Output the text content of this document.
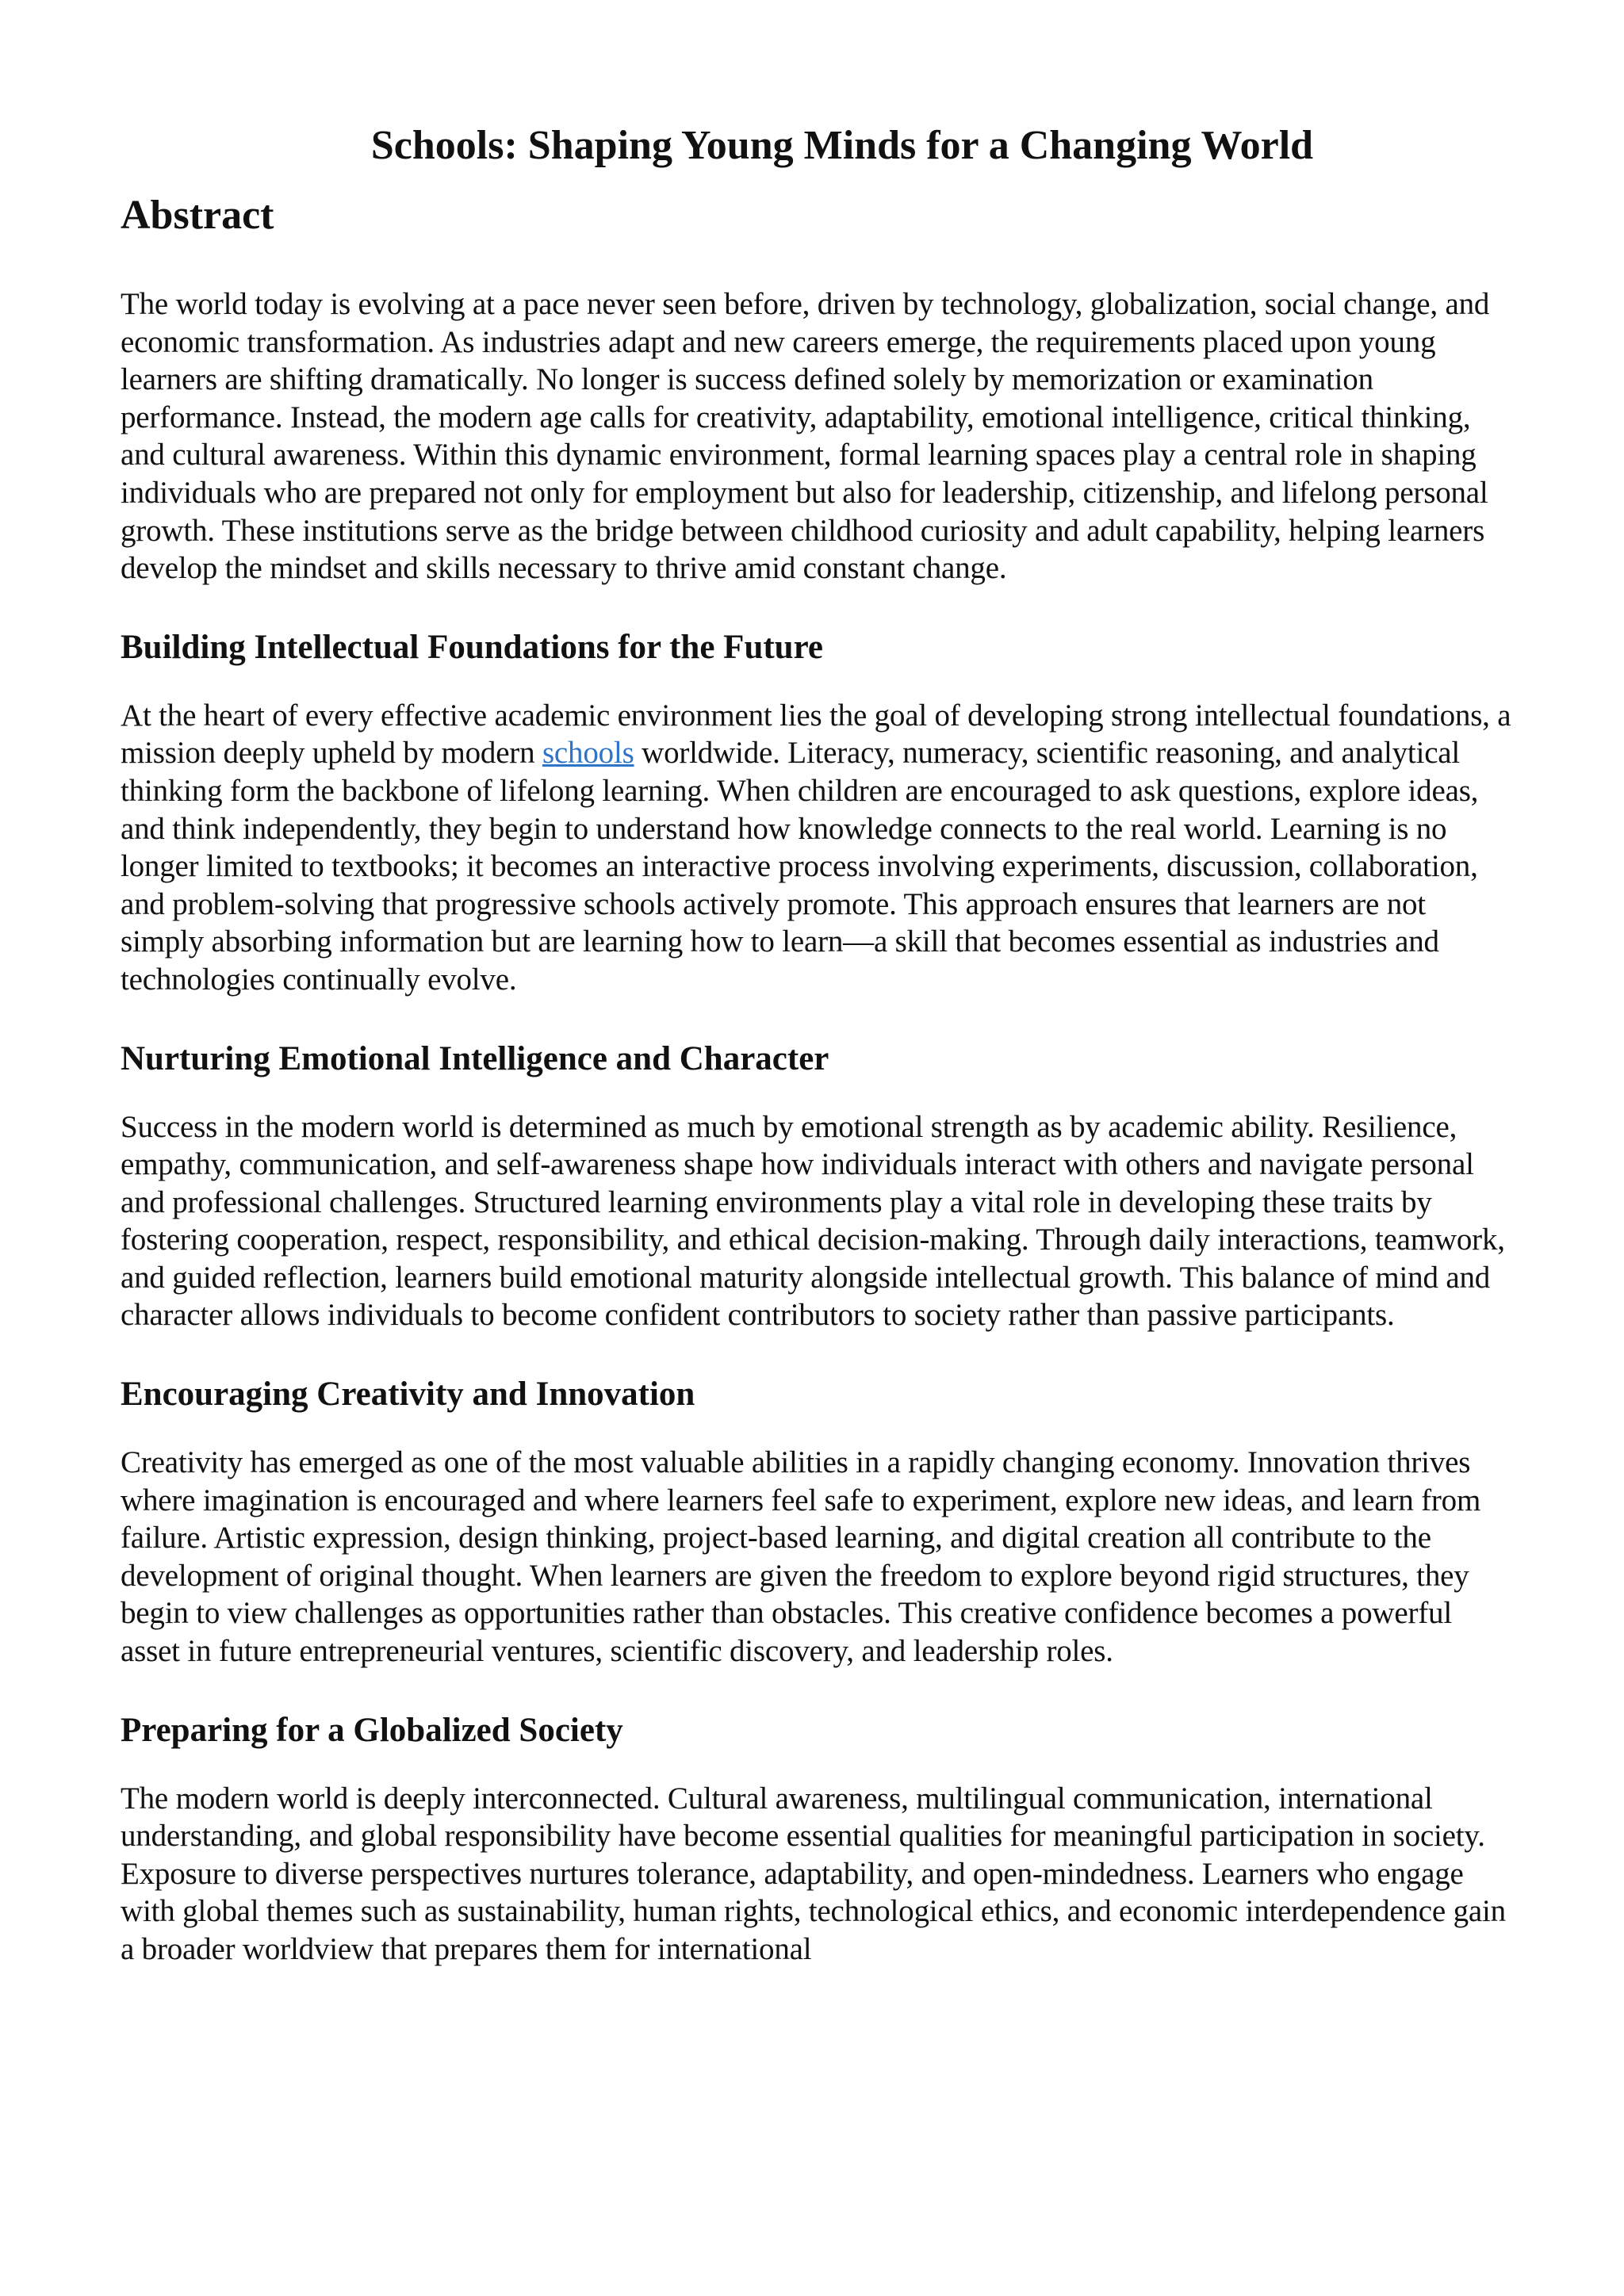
Schools: Shaping Young Minds for a Changing World
Abstract

The world today is evolving at a pace never seen before, driven by technology, globalization, social change, and economic transformation. As industries adapt and new careers emerge, the requirements placed upon young learners are shifting dramatically. No longer is success defined solely by memorization or examination performance. Instead, the modern age calls for creativity, adaptability, emotional intelligence, critical thinking, and cultural awareness. Within this dynamic environment, formal learning spaces play a central role in shaping individuals who are prepared not only for employment but also for leadership, citizenship, and lifelong personal growth. These institutions serve as the bridge between childhood curiosity and adult capability, helping learners develop the mindset and skills necessary to thrive amid constant change.

Building Intellectual Foundations for the Future

At the heart of every effective academic environment lies the goal of developing strong intellectual foundations, a mission deeply upheld by modern schools worldwide. Literacy, numeracy, scientific reasoning, and analytical thinking form the backbone of lifelong learning. When children are encouraged to ask questions, explore ideas, and think independently, they begin to understand how knowledge connects to the real world. Learning is no longer limited to textbooks; it becomes an interactive process involving experiments, discussion, collaboration, and problem-solving that progressive schools actively promote. This approach ensures that learners are not simply absorbing information but are learning how to learn—a skill that becomes essential as industries and technologies continually evolve.

Nurturing Emotional Intelligence and Character

Success in the modern world is determined as much by emotional strength as by academic ability. Resilience, empathy, communication, and self-awareness shape how individuals interact with others and navigate personal and professional challenges. Structured learning environments play a vital role in developing these traits by fostering cooperation, respect, responsibility, and ethical decision-making. Through daily interactions, teamwork, and guided reflection, learners build emotional maturity alongside intellectual growth. This balance of mind and character allows individuals to become confident contributors to society rather than passive participants.

Encouraging Creativity and Innovation

Creativity has emerged as one of the most valuable abilities in a rapidly changing economy. Innovation thrives where imagination is encouraged and where learners feel safe to experiment, explore new ideas, and learn from failure. Artistic expression, design thinking, project-based learning, and digital creation all contribute to the development of original thought. When learners are given the freedom to explore beyond rigid structures, they begin to view challenges as opportunities rather than obstacles. This creative confidence becomes a powerful asset in future entrepreneurial ventures, scientific discovery, and leadership roles.

Preparing for a Globalized Society

The modern world is deeply interconnected. Cultural awareness, multilingual communication, international understanding, and global responsibility have become essential qualities for meaningful participation in society. Exposure to diverse perspectives nurtures tolerance, adaptability, and open-mindedness. Learners who engage with global themes such as sustainability, human rights, technological ethics, and economic interdependence gain a broader worldview that prepares them for international
